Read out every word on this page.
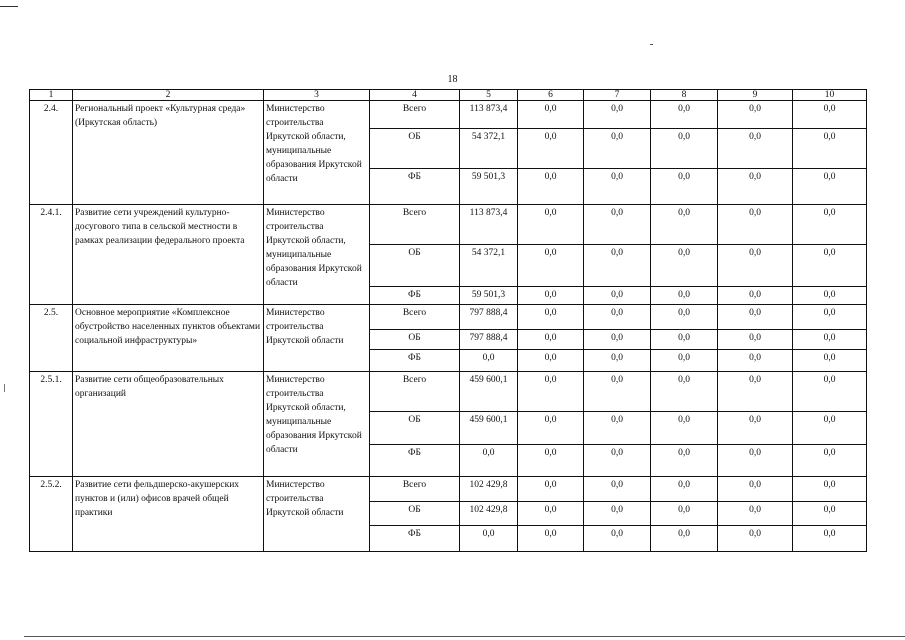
18
1	2	3	4	5	6	7	8	9	10
2.4.	Региональный проект «Культурная среда» (Иркутская область)	Министерство строительства Иркутской области, муниципальные образования Иркутской области	Всего	113 873,4	0,0	0,0	0,0	0,0	0,0
			ОБ	54 372,1	0,0	0,0	0,0	0,0	0,0
			ФБ	59 501,3	0,0	0,0	0,0	0,0	0,0
2.4.1.	Развитие сети учреждений культурно-досугового типа в сельской местности в рамках реализации федерального проекта	Министерство строительства Иркутской области, муниципальные образования Иркутской области	Всего	113 873,4	0,0	0,0	0,0	0,0	0,0
			ОБ	54 372,1	0,0	0,0	0,0	0,0	0,0
			ФБ	59 501,3	0,0	0,0	0,0	0,0	0,0
2.5.	Основное мероприятие «Комплексное обустройство населенных пунктов объектами социальной инфраструктуры»	Министерство строительства Иркутской области	Всего	797 888,4	0,0	0,0	0,0	0,0	0,0
			ОБ	797 888,4	0,0	0,0	0,0	0,0	0,0
			ФБ	0,0	0,0	0,0	0,0	0,0	0,0
2.5.1.	Развитие сети общеобразовательных организаций	Министерство строительства Иркутской области, муниципальные образования Иркутской области	Всего	459 600,1	0,0	0,0	0,0	0,0	0,0
			ОБ	459 600,1	0,0	0,0	0,0	0,0	0,0
			ФБ	0,0	0,0	0,0	0,0	0,0	0,0
2.5.2.	Развитие сети фельдшерско-акушерских пунктов и (или) офисов врачей общей практики	Министерство строительства Иркутской области	Всего	102 429,8	0,0	0,0	0,0	0,0	0,0
			ОБ	102 429,8	0,0	0,0	0,0	0,0	0,0
			ФБ	0,0	0,0	0,0	0,0	0,0	0,0
